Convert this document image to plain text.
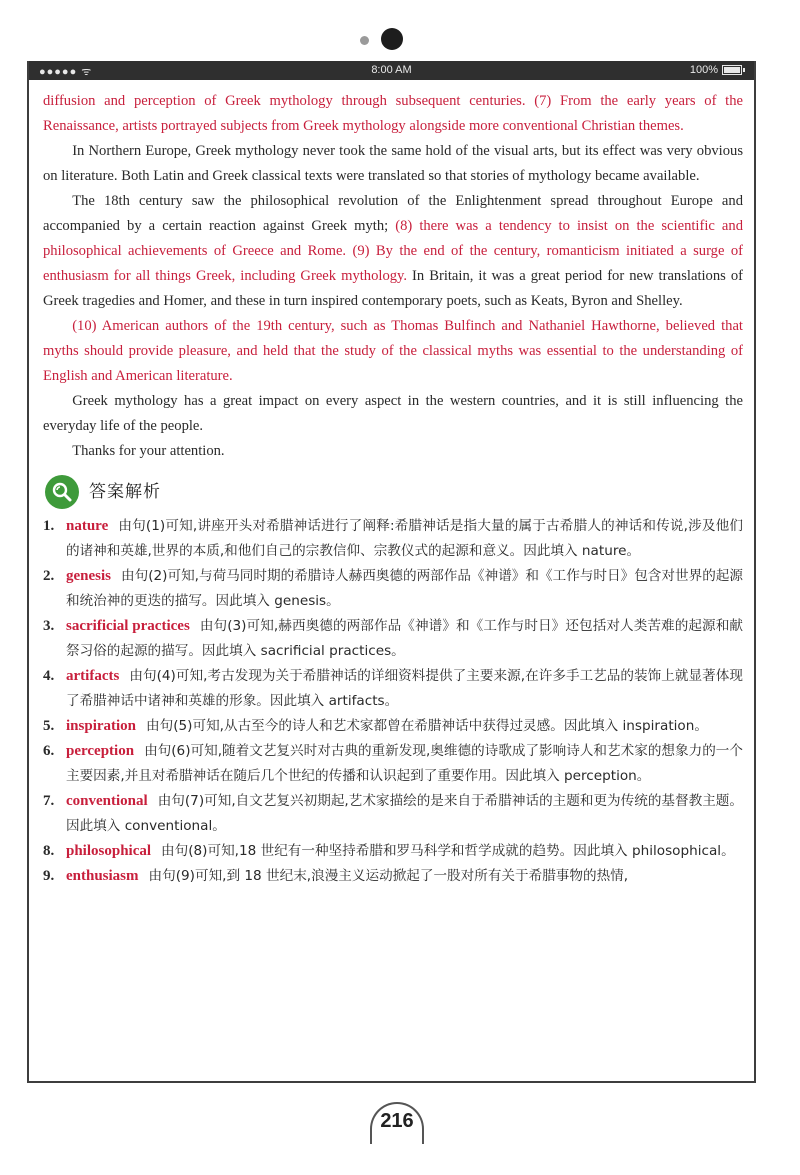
●●●●● ᯤ	8:00 AM	100%

diffusion and perception of Greek mythology through subsequent centuries. (7) From the early years of the Renaissance, artists portrayed subjects from Greek mythology alongside more conventional Christian themes.

In Northern Europe, Greek mythology never took the same hold of the visual arts, but its effect was very obvious on literature. Both Latin and Greek classical texts were translated so that stories of mythology became available.

The 18th century saw the philosophical revolution of the Enlightenment spread throughout Europe and accompanied by a certain reaction against Greek myth; (8) there was a tendency to insist on the scientific and philosophical achievements of Greece and Rome. (9) By the end of the century, romanticism initiated a surge of enthusiasm for all things Greek, including Greek mythology. In Britain, it was a great period for new translations of Greek tragedies and Homer, and these in turn inspired contemporary poets, such as Keats, Byron and Shelley.

(10) American authors of the 19th century, such as Thomas Bulfinch and Nathaniel Hawthorne, believed that myths should provide pleasure, and held that the study of the classical myths was essential to the understanding of English and American literature.

Greek mythology has a great impact on every aspect in the western countries, and it is still influencing the everyday life of the people.

Thanks for your attention.

答案解析
1. nature 由句(1)可知,讲座开头对希腊神话进行了阐释:希腊神话是指大量的属于古希腊人的神话和传说,涉及他们的诸神和英雄,世界的本质,和他们自己的宗教信仰、宗教仪式的起源和意义。因此填入 nature。
2. genesis 由句(2)可知,与荷马同时期的希腊诗人赫西奥德的两部作品《神谱》和《工作与时日》包含对世界的起源和统治神的更迭的描写。因此填入 genesis。
3. sacrificial practices 由句(3)可知,赫西奥德的两部作品《神谱》和《工作与时日》还包括对人类苦难的起源和献祭习俗的起源的描写。因此填入 sacrificial practices。
4. artifacts 由句(4)可知,考古发现为关于希腊神话的详细资料提供了主要来源,在许多手工艺品的装饰上就显著体现了希腊神话中诸神和英雄的形象。因此填入 artifacts。
5. inspiration 由句(5)可知,从古至今的诗人和艺术家都曾在希腊神话中获得过灵感。因此填入 inspiration。
6. perception 由句(6)可知,随着文艺复兴时对古典的重新发现,奥维德的诗歌成了影响诗人和艺术家的想象力的一个主要因素,并且对希腊神话在随后几个世纪的传播和认识起到了重要作用。因此填入 perception。
7. conventional 由句(7)可知,自文艺复兴初期起,艺术家描绘的是来自于希腊神话的主题和更为传统的基督教主题。因此填入 conventional。
8. philosophical 由句(8)可知,18 世纪有一种坚持希腊和罗马科学和哲学成就的趋势。因此填入 philosophical。
9. enthusiasm 由句(9)可知,到 18 世纪末,浪漫主义运动掀起了一股对所有关于希腊事物的热情,
216
